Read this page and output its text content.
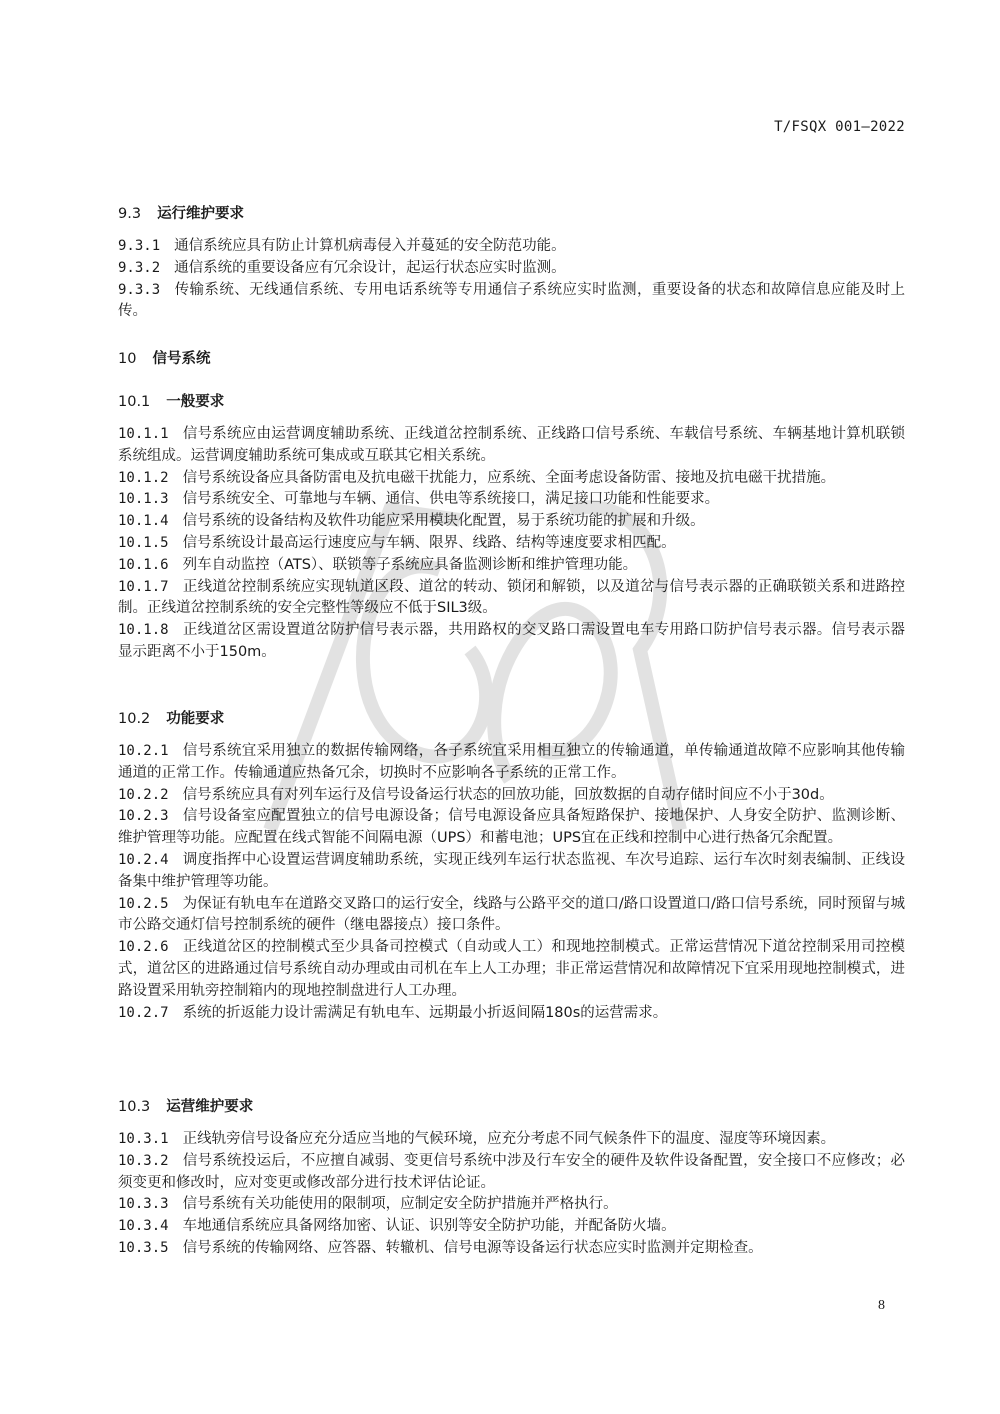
T/FSQX 001—2022
9.3 运行维护要求
9.3.1 通信系统应具有防止计算机病毒侵入并蔓延的安全防范功能。
9.3.2 通信系统的重要设备应有冗余设计，起运行状态应实时监测。
9.3.3 传输系统、无线通信系统、专用电话系统等专用通信子系统应实时监测，重要设备的状态和故障信息应能及时上传。
10 信号系统
10.1 一般要求
10.1.1 信号系统应由运营调度辅助系统、正线道岔控制系统、正线路口信号系统、车载信号系统、车辆基地计算机联锁系统组成。运营调度辅助系统可集成或互联其它相关系统。
10.1.2 信号系统设备应具备防雷电及抗电磁干扰能力，应系统、全面考虑设备防雷、接地及抗电磁干扰措施。
10.1.3 信号系统安全、可靠地与车辆、通信、供电等系统接口，满足接口功能和性能要求。
10.1.4 信号系统的设备结构及软件功能应采用模块化配置，易于系统功能的扩展和升级。
10.1.5 信号系统设计最高运行速度应与车辆、限界、线路、结构等速度要求相匹配。
10.1.6 列车自动监控（ATS）、联锁等子系统应具备监测诊断和维护管理功能。
10.1.7 正线道岔控制系统应实现轨道区段、道岔的转动、锁闭和解锁，以及道岔与信号表示器的正确联锁关系和进路控制。正线道岔控制系统的安全完整性等级应不低于SIL3级。
10.1.8 正线道岔区需设置道岔防护信号表示器，共用路权的交叉路口需设置电车专用路口防护信号表示器。信号表示器显示距离不小于150m。
10.2 功能要求
10.2.1 信号系统宜采用独立的数据传输网络，各子系统宜采用相互独立的传输通道，单传输通道故障不应影响其他传输通道的正常工作。传输通道应热备冗余，切换时不应影响各子系统的正常工作。
10.2.2 信号系统应具有对列车运行及信号设备运行状态的回放功能，回放数据的自动存储时间应不小于30d。
10.2.3 信号设备室应配置独立的信号电源设备；信号电源设备应具备短路保护、接地保护、人身安全防护、监测诊断、维护管理等功能。应配置在线式智能不间隔电源（UPS）和蓄电池；UPS宜在正线和控制中心进行热备冗余配置。
10.2.4 调度指挥中心设置运营调度辅助系统，实现正线列车运行状态监视、车次号追踪、运行车次时刻表编制、正线设备集中维护管理等功能。
10.2.5 为保证有轨电车在道路交叉路口的运行安全，线路与公路平交的道口/路口设置道口/路口信号系统，同时预留与城市公路交通灯信号控制系统的硬件（继电器接点）接口条件。
10.2.6 正线道岔区的控制模式至少具备司控模式（自动或人工）和现地控制模式。正常运营情况下道岔控制采用司控模式，道岔区的进路通过信号系统自动办理或由司机在车上人工办理；非正常运营情况和故障情况下宜采用现地控制模式，进路设置采用轨旁控制箱内的现地控制盘进行人工办理。
10.2.7 系统的折返能力设计需满足有轨电车、远期最小折返间隔180s的运营需求。
10.3 运营维护要求
10.3.1 正线轨旁信号设备应充分适应当地的气候环境，应充分考虑不同气候条件下的温度、湿度等环境因素。
10.3.2 信号系统投运后，不应擅自减弱、变更信号系统中涉及行车安全的硬件及软件设备配置，安全接口不应修改；必须变更和修改时，应对变更或修改部分进行技术评估论证。
10.3.3 信号系统有关功能使用的限制项，应制定安全防护措施并严格执行。
10.3.4 车地通信系统应具备网络加密、认证、识别等安全防护功能，并配备防火墙。
10.3.5 信号系统的传输网络、应答器、转辙机、信号电源等设备运行状态应实时监测并定期检查。
8
